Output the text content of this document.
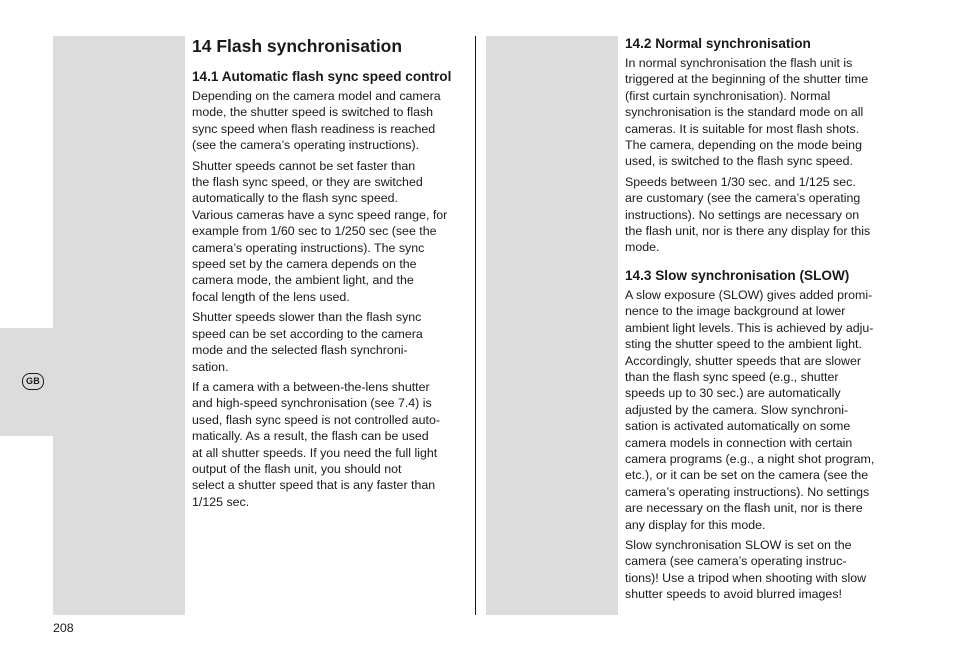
GB
14 Flash synchronisation
14.1 Automatic flash sync speed control

Depending on the camera model and camera
mode, the shutter speed is switched to flash
sync speed when flash readiness is reached
(see the camera’s operating instructions).

Shutter speeds cannot be set faster than
the flash sync speed, or they are switched
automatically to the flash sync speed.
Various cameras have a sync speed range, for
example from 1/60 sec to 1/250 sec (see the
camera’s operating instructions). The sync
speed set by the camera depends on the
camera mode, the ambient light, and the
focal length of the lens used.

Shutter speeds slower than the flash sync
speed can be set according to the camera
mode and the selected flash synchroni-
sation.

If a camera with a between-the-lens shutter
and high-speed synchronisation (see 7.4) is
used, flash sync speed is not controlled auto-
matically. As a result, the flash can be used
at all shutter speeds. If you need the full light
output of the flash unit, you should not
select a shutter speed that is any faster than
1/125 sec.

14.2 Normal synchronisation

In normal synchronisation the flash unit is
triggered at the beginning of the shutter time
(first curtain synchronisation). Normal
synchronisation is the standard mode on all
cameras. It is suitable for most flash shots.
The camera, depending on the mode being
used, is switched to the flash sync speed.

Speeds between 1/30 sec. and 1/125 sec.
are customary (see the camera’s operating
instructions). No settings are necessary on
the flash unit, nor is there any display for this
mode.

14.3 Slow synchronisation (SLOW)

A slow exposure (SLOW) gives added promi-
nence to the image background at lower
ambient light levels. This is achieved by adju-
sting the shutter speed to the ambient light.
Accordingly, shutter speeds that are slower
than the flash sync speed (e.g., shutter
speeds up to 30 sec.) are automatically
adjusted by the camera. Slow synchroni-
sation is activated automatically on some
camera models in connection with certain
camera programs (e.g., a night shot program,
etc.), or it can be set on the camera (see the
camera’s operating instructions). No settings
are necessary on the flash unit, nor is there
any display for this mode.

Slow synchronisation SLOW is set on the
camera (see camera’s operating instruc-
tions)! Use a tripod when shooting with slow
shutter speeds to avoid blurred images!

208
